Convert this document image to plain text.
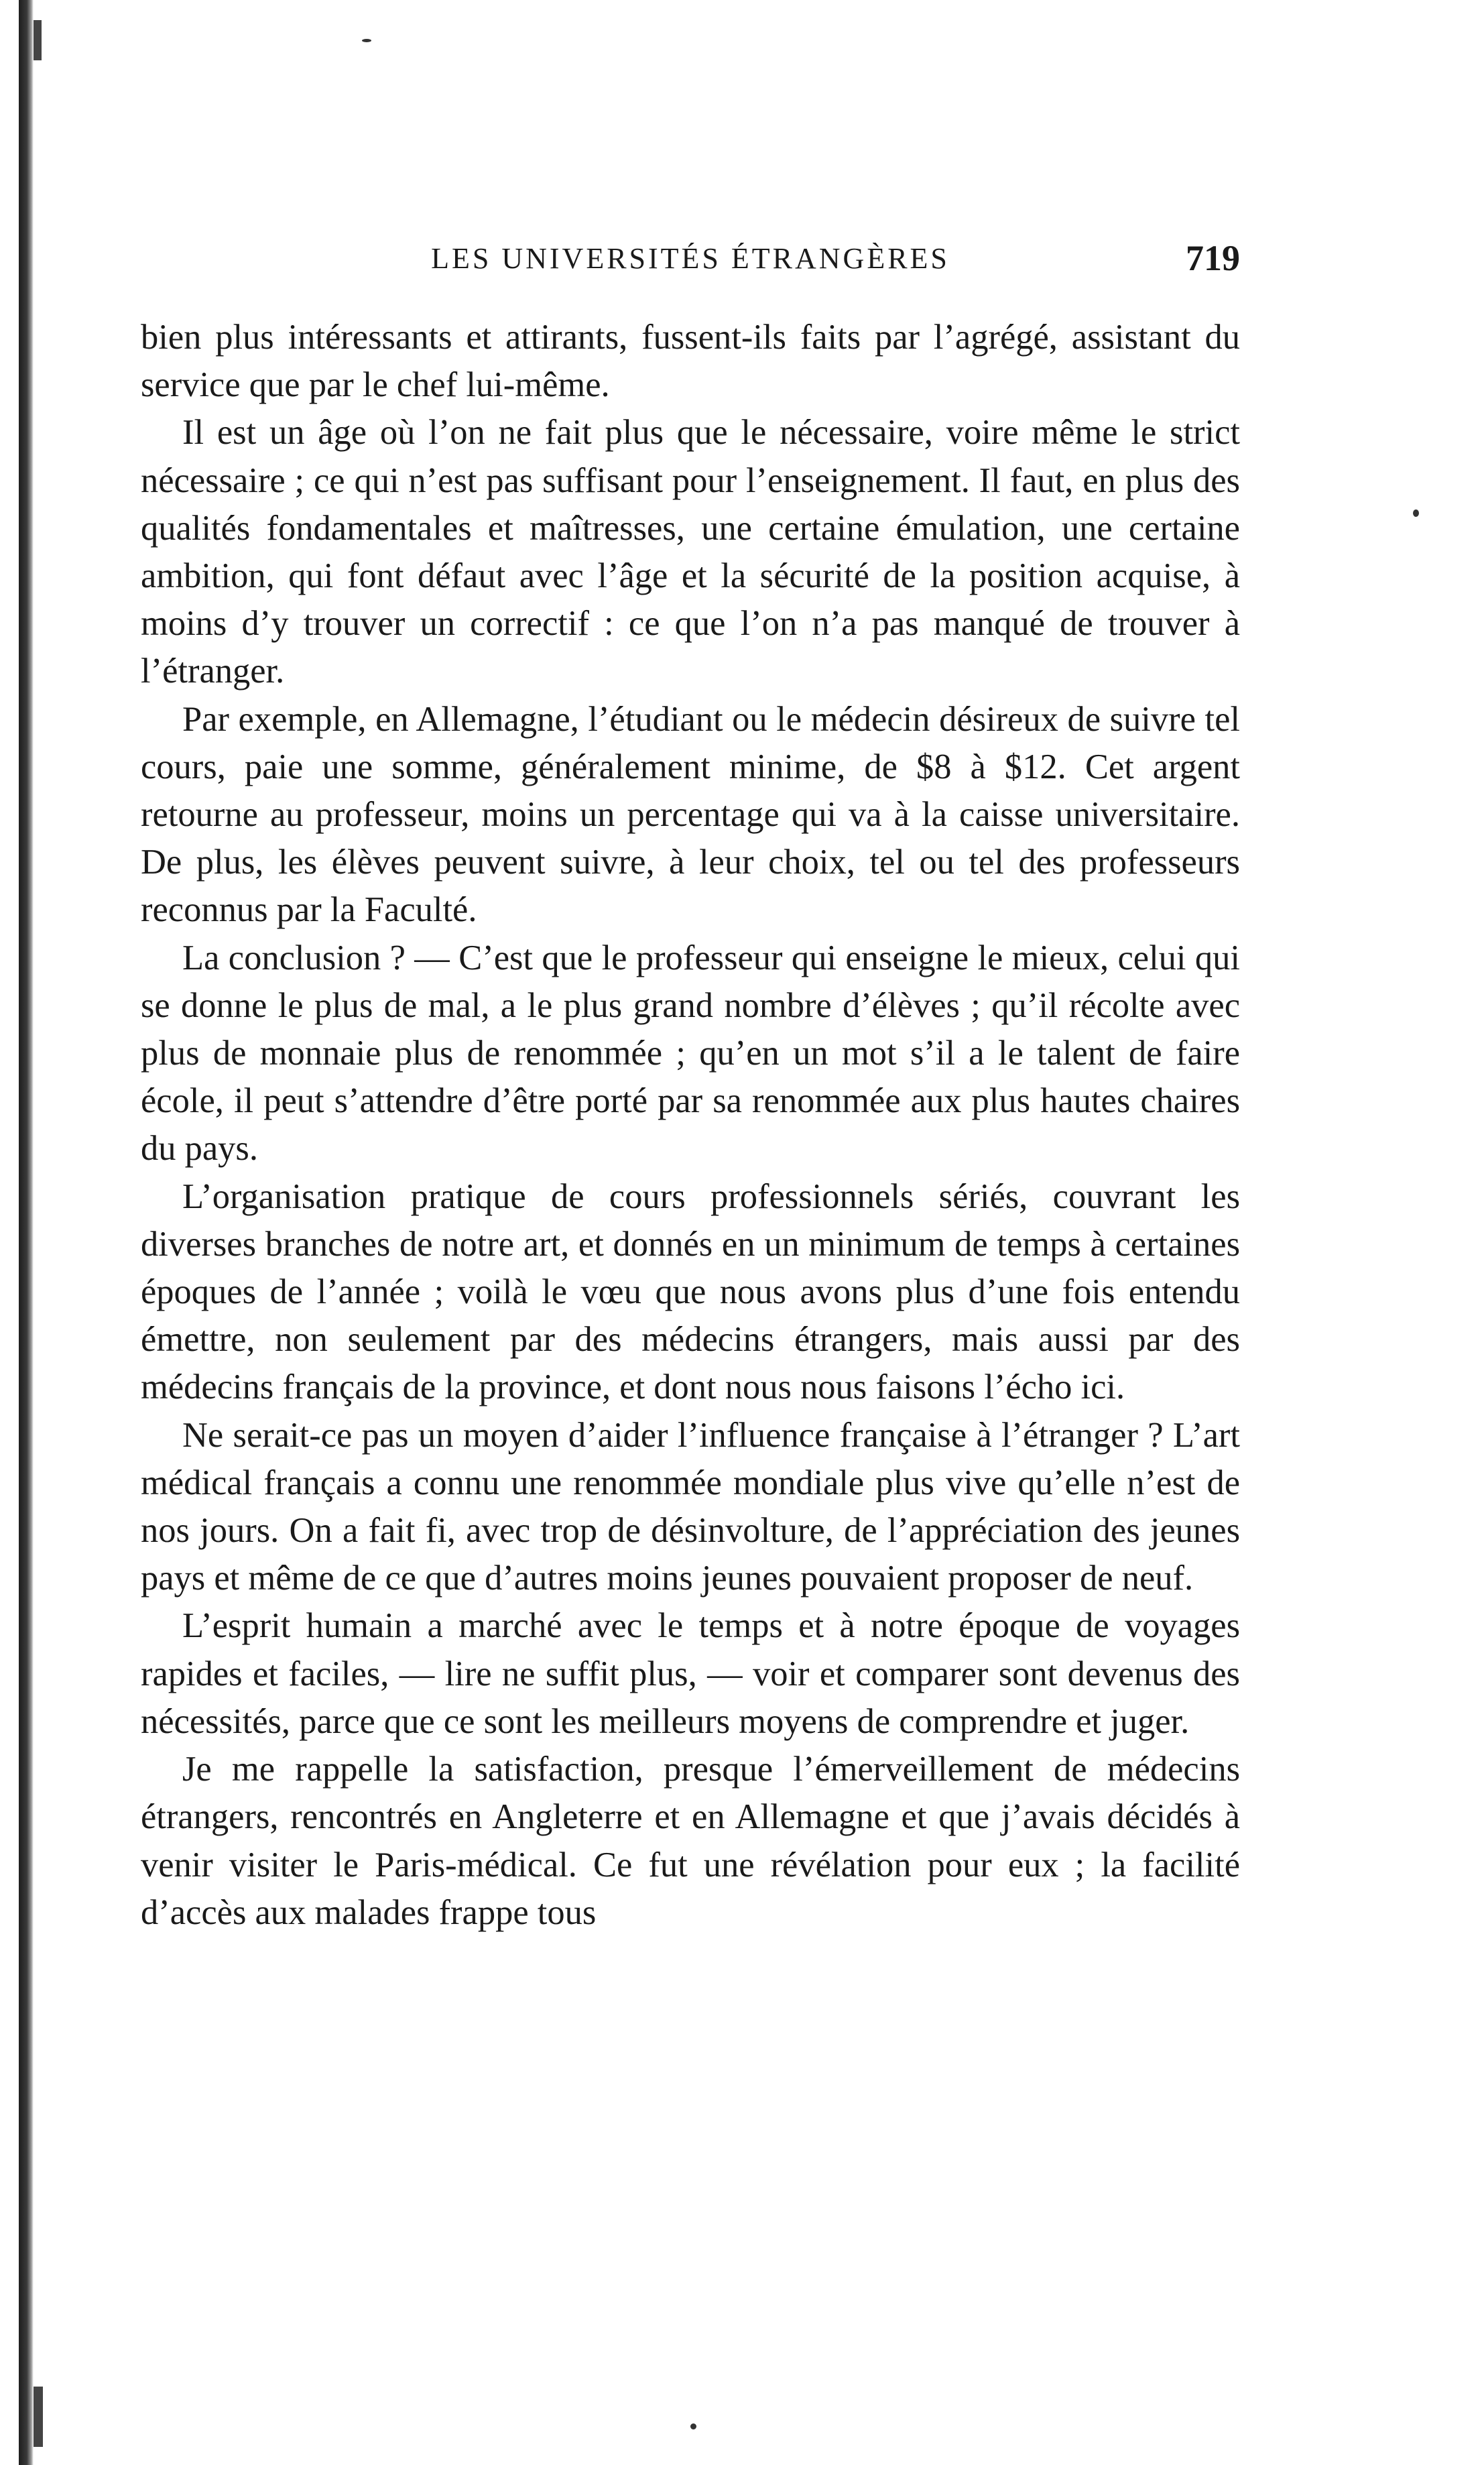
LES UNIVERSITÉS ÉTRANGÈRES	719

bien plus intéressants et attirants, fussent-ils faits par l’agrégé, assistant du service que par le chef lui-même.

Il est un âge où l’on ne fait plus que le nécessaire, voire même le strict nécessaire ; ce qui n’est pas suffisant pour l’enseignement. Il faut, en plus des qualités fondamentales et maîtresses, une certaine émulation, une certaine ambition, qui font défaut avec l’âge et la sécurité de la position acquise, à moins d’y trouver un correctif : ce que l’on n’a pas manqué de trouver à l’étranger.

Par exemple, en Allemagne, l’étudiant ou le médecin désireux de suivre tel cours, paie une somme, généralement minime, de $8 à $12. Cet argent retourne au professeur, moins un percentage qui va à la caisse universitaire. De plus, les élèves peuvent suivre, à leur choix, tel ou tel des professeurs reconnus par la Faculté.

La conclusion ? — C’est que le professeur qui enseigne le mieux, celui qui se donne le plus de mal, a le plus grand nombre d’élèves ; qu’il récolte avec plus de monnaie plus de renommée ; qu’en un mot s’il a le talent de faire école, il peut s’attendre d’être porté par sa renommée aux plus hautes chaires du pays.

L’organisation pratique de cours professionnels sériés, couvrant les diverses branches de notre art, et donnés en un minimum de temps à certaines époques de l’année ; voilà le vœu que nous avons plus d’une fois entendu émettre, non seulement par des médecins étrangers, mais aussi par des médecins français de la province, et dont nous nous faisons l’écho ici.

Ne serait-ce pas un moyen d’aider l’influence française à l’étranger ? L’art médical français a connu une renommée mondiale plus vive qu’elle n’est de nos jours. On a fait fi, avec trop de désinvolture, de l’appréciation des jeunes pays et même de ce que d’autres moins jeunes pouvaient proposer de neuf.

L’esprit humain a marché avec le temps et à notre époque de voyages rapides et faciles, — lire ne suffit plus, — voir et comparer sont devenus des nécessités, parce que ce sont les meilleurs moyens de comprendre et juger.

Je me rappelle la satisfaction, presque l’émerveillement de médecins étrangers, rencontrés en Angleterre et en Allemagne et que j’avais décidés à venir visiter le Paris-médical. Ce fut une révélation pour eux ; la facilité d’accès aux malades frappe tous
